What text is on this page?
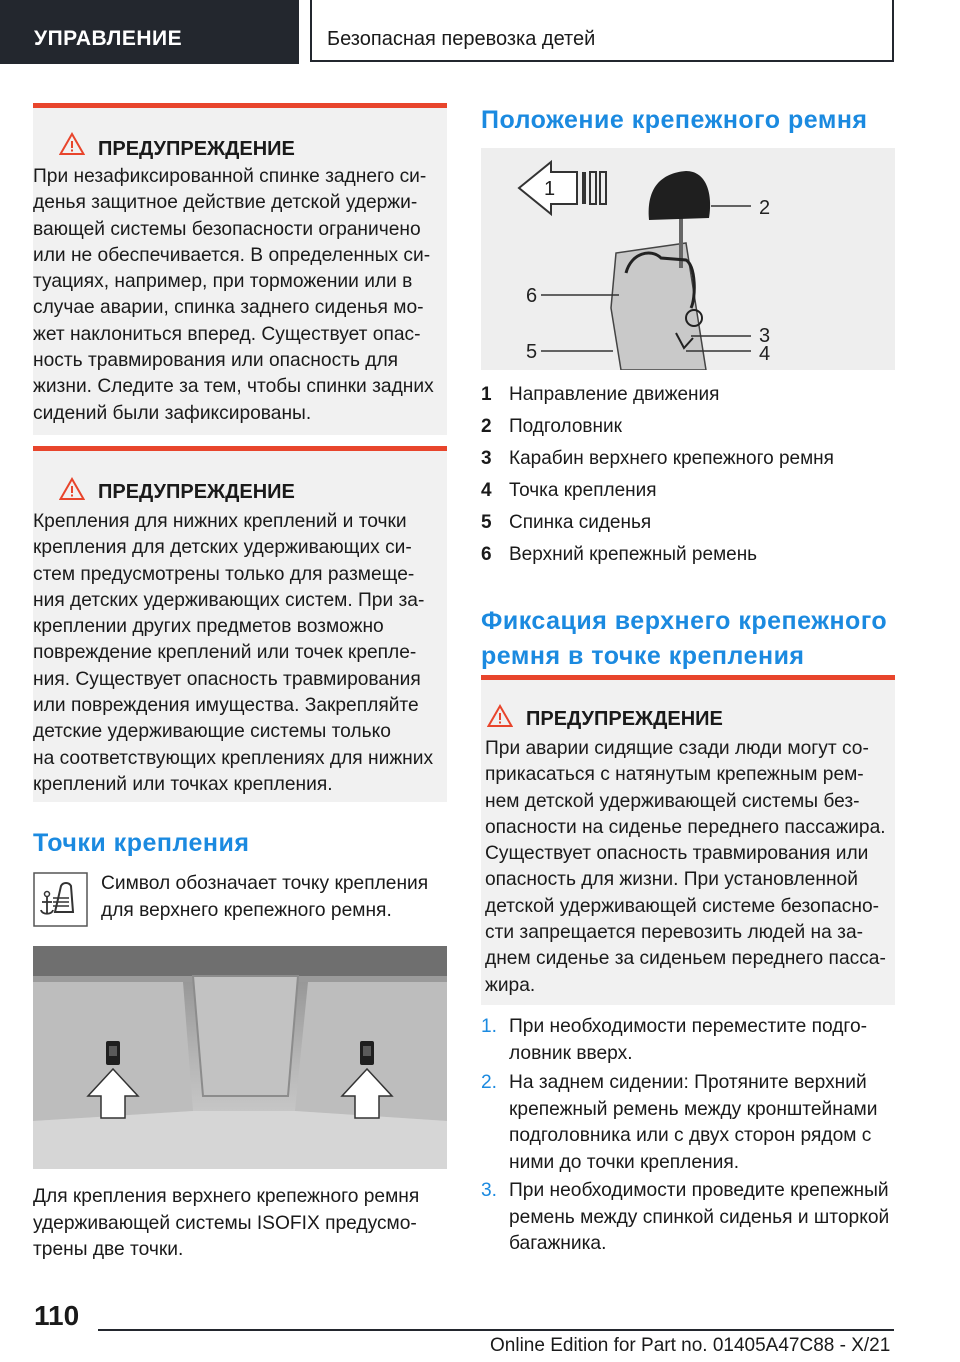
УПРАВЛЕНИЕ	Безопасная перевозка детей
ПРЕДУПРЕЖДЕНИЕ
При незафиксированной спинке заднего си-
денья защитное действие детской удержи-
вающей системы безопасности ограничено
или не обеспечивается. В определенных си-
туациях, например, при торможении или в
случае аварии, спинка заднего сиденья мо-
жет наклониться вперед. Существует опас-
ность травмирования или опасность для
жизни. Следите за тем, чтобы спинки задних
сидений были зафиксированы.
ПРЕДУПРЕЖДЕНИЕ
Крепления для нижних креплений и точки
крепления для детских удерживающих си-
стем предусмотрены только для размеще-
ния детских удерживающих систем. При за-
креплении других предметов возможно
повреждение креплений или точек крепле-
ния. Существует опасность травмирования
или повреждения имущества. Закрепляйте
детские удерживающие системы только
на соответствующих креплениях для нижних
креплений или точках крепления.
Точки крепления
Символ обозначает точку крепления
для верхнего крепежного ремня.
Для крепления верхнего крепежного ремня
удерживающей системы ISOFIX предусмо-
трены две точки.
Положение крепежного ремня
1
2
6
3
4
5
1 Направление движения
2 Подголовник
3 Карабин верхнего крепежного ремня
4 Точка крепления
5 Спинка сиденья
6 Верхний крепежный ремень
Фиксация верхнего крепежного
ремня в точке крепления
ПРЕДУПРЕЖДЕНИЕ
При аварии сидящие сзади люди могут со-
прикасаться с натянутым крепежным рем-
нем детской удерживающей системы без-
опасности на сиденье переднего пассажира.
Существует опасность травмирования или
опасность для жизни. При установленной
детской удерживающей системе безопасно-
сти запрещается перевозить людей на за-
днем сиденье за сиденьем переднего пасса-
жира.
1. При необходимости переместите подго-
ловник вверх.
2. На заднем сидении: Протяните верхний
крепежный ремень между кронштейнами
подголовника или с двух сторон рядом с
ними до точки крепления.
3. При необходимости проведите крепежный
ремень между спинкой сиденья и шторкой
багажника.
110
Online Edition for Part no. 01405A47C88 - X/21
